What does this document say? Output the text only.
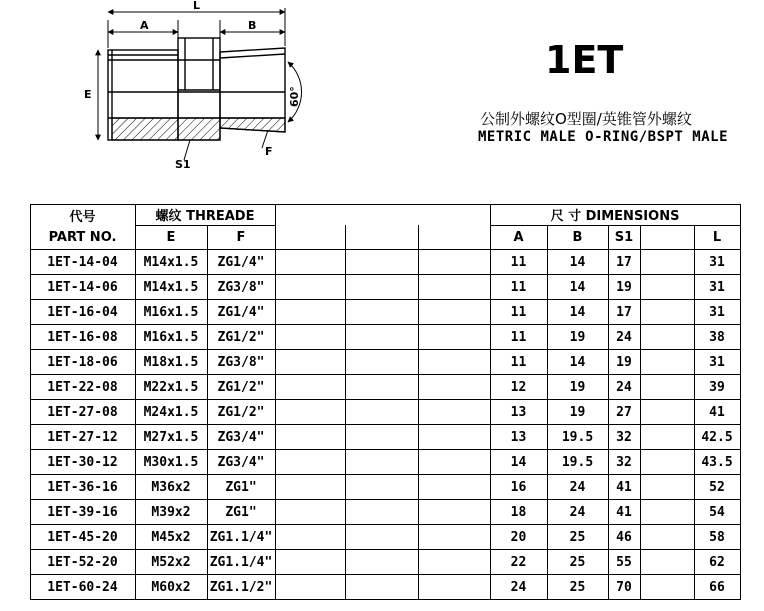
L
A	B
E
F
S1
60°
1ET
公制外螺纹O型圈/英锥管外螺纹
METRIC MALE O-RING/BSPT MALE
代号
PART NO.
螺纹 THREADE
E	F
尺 寸 DIMENSIONS
A	B	S1	L
1ET-14-04	M14x1.5	ZG1/4"	11	14	17	31
1ET-14-06	M14x1.5	ZG3/8"	11	14	19	31
1ET-16-04	M16x1.5	ZG1/4"	11	14	17	31
1ET-16-08	M16x1.5	ZG1/2"	11	19	24	38
1ET-18-06	M18x1.5	ZG3/8"	11	14	19	31
1ET-22-08	M22x1.5	ZG1/2"	12	19	24	39
1ET-27-08	M24x1.5	ZG1/2"	13	19	27	41
1ET-27-12	M27x1.5	ZG3/4"	13	19.5	32	42.5
1ET-30-12	M30x1.5	ZG3/4"	14	19.5	32	43.5
1ET-36-16	M36x2	ZG1"	16	24	41	52
1ET-39-16	M39x2	ZG1"	18	24	41	54
1ET-45-20	M45x2	ZG1.1/4"	20	25	46	58
1ET-52-20	M52x2	ZG1.1/4"	22	25	55	62
1ET-60-24	M60x2	ZG1.1/2"	24	25	70	66
